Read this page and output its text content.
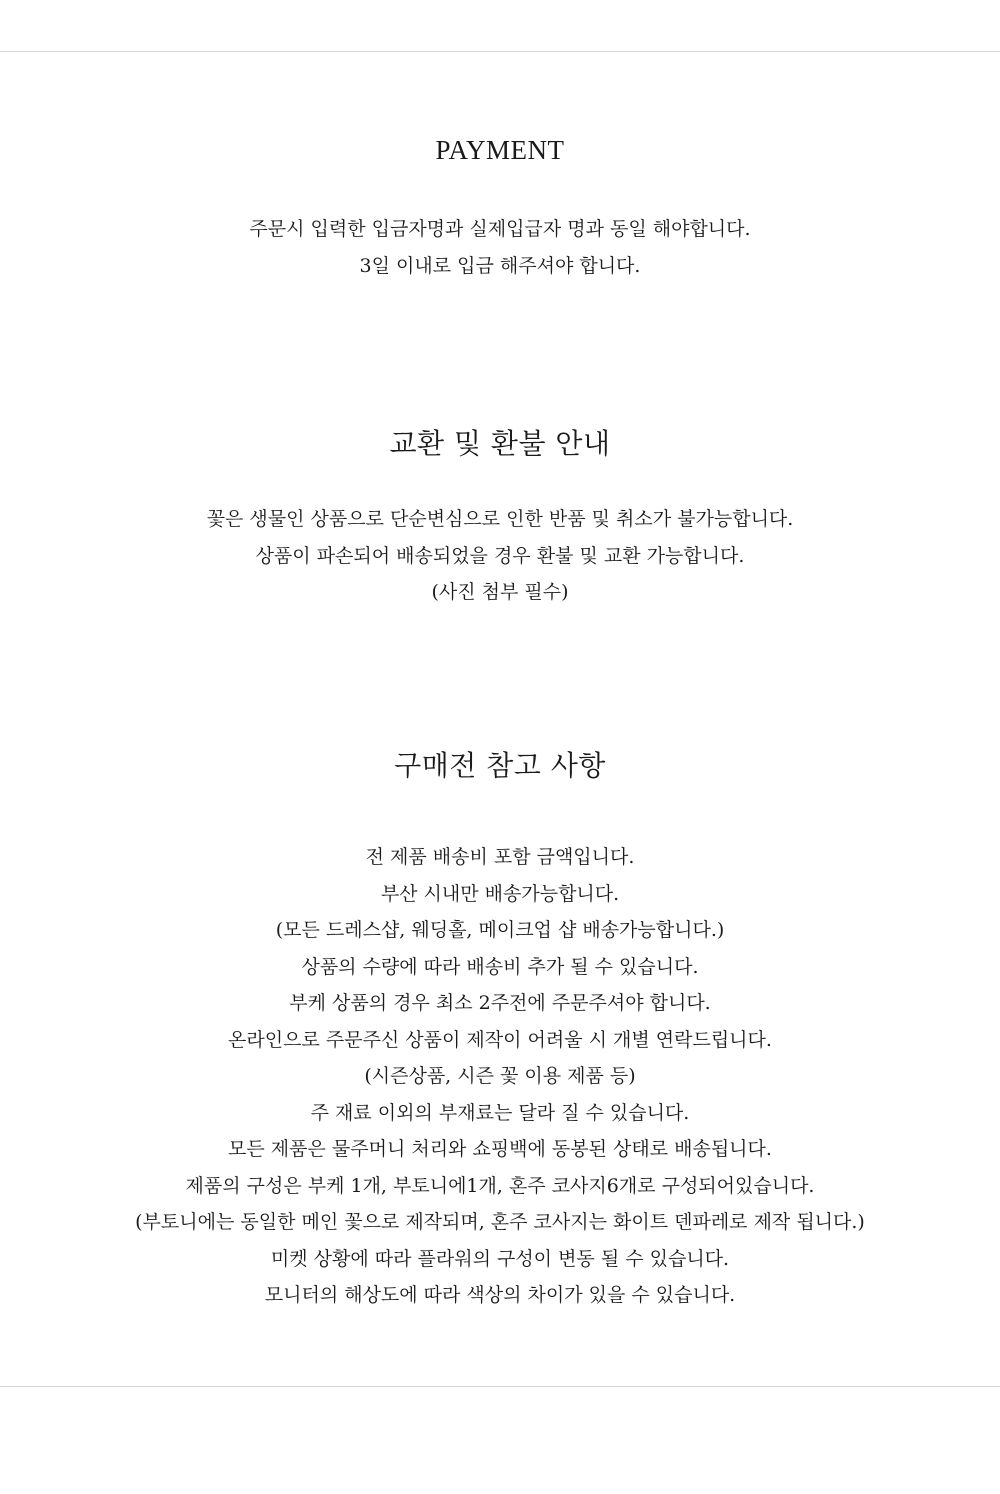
PAYMENT
주문시 입력한 입금자명과 실제입급자 명과 동일 해야합니다.
3일 이내로 입금 해주셔야 합니다.
교환 및 환불 안내
꽃은 생물인 상품으로 단순변심으로 인한 반품 및 취소가 불가능합니다.
상품이 파손되어 배송되었을 경우 환불 및 교환 가능합니다.
(사진 첨부 필수)
구매전 참고 사항
전 제품 배송비 포함 금액입니다.
부산 시내만 배송가능합니다.
(모든 드레스샵, 웨딩홀, 메이크업 샵 배송가능합니다.)
상품의 수량에 따라 배송비 추가 될 수 있습니다.
부케 상품의 경우 최소 2주전에 주문주셔야 합니다.
온라인으로 주문주신 상품이 제작이 어려울 시 개별 연락드립니다.
(시즌상품, 시즌 꽃 이용 제품 등)
주 재료 이외의 부재료는 달라 질 수 있습니다.
모든 제품은 물주머니 처리와 쇼핑백에 동봉된 상태로 배송됩니다.
제품의 구성은 부케 1개, 부토니에1개, 혼주 코사지6개로 구성되어있습니다.
(부토니에는 동일한 메인 꽃으로 제작되며, 혼주 코사지는 화이트 덴파레로 제작 됩니다.)
미켓 상황에 따라 플라워의 구성이 변동 될 수 있습니다.
모니터의 해상도에 따라 색상의 차이가 있을 수 있습니다.
